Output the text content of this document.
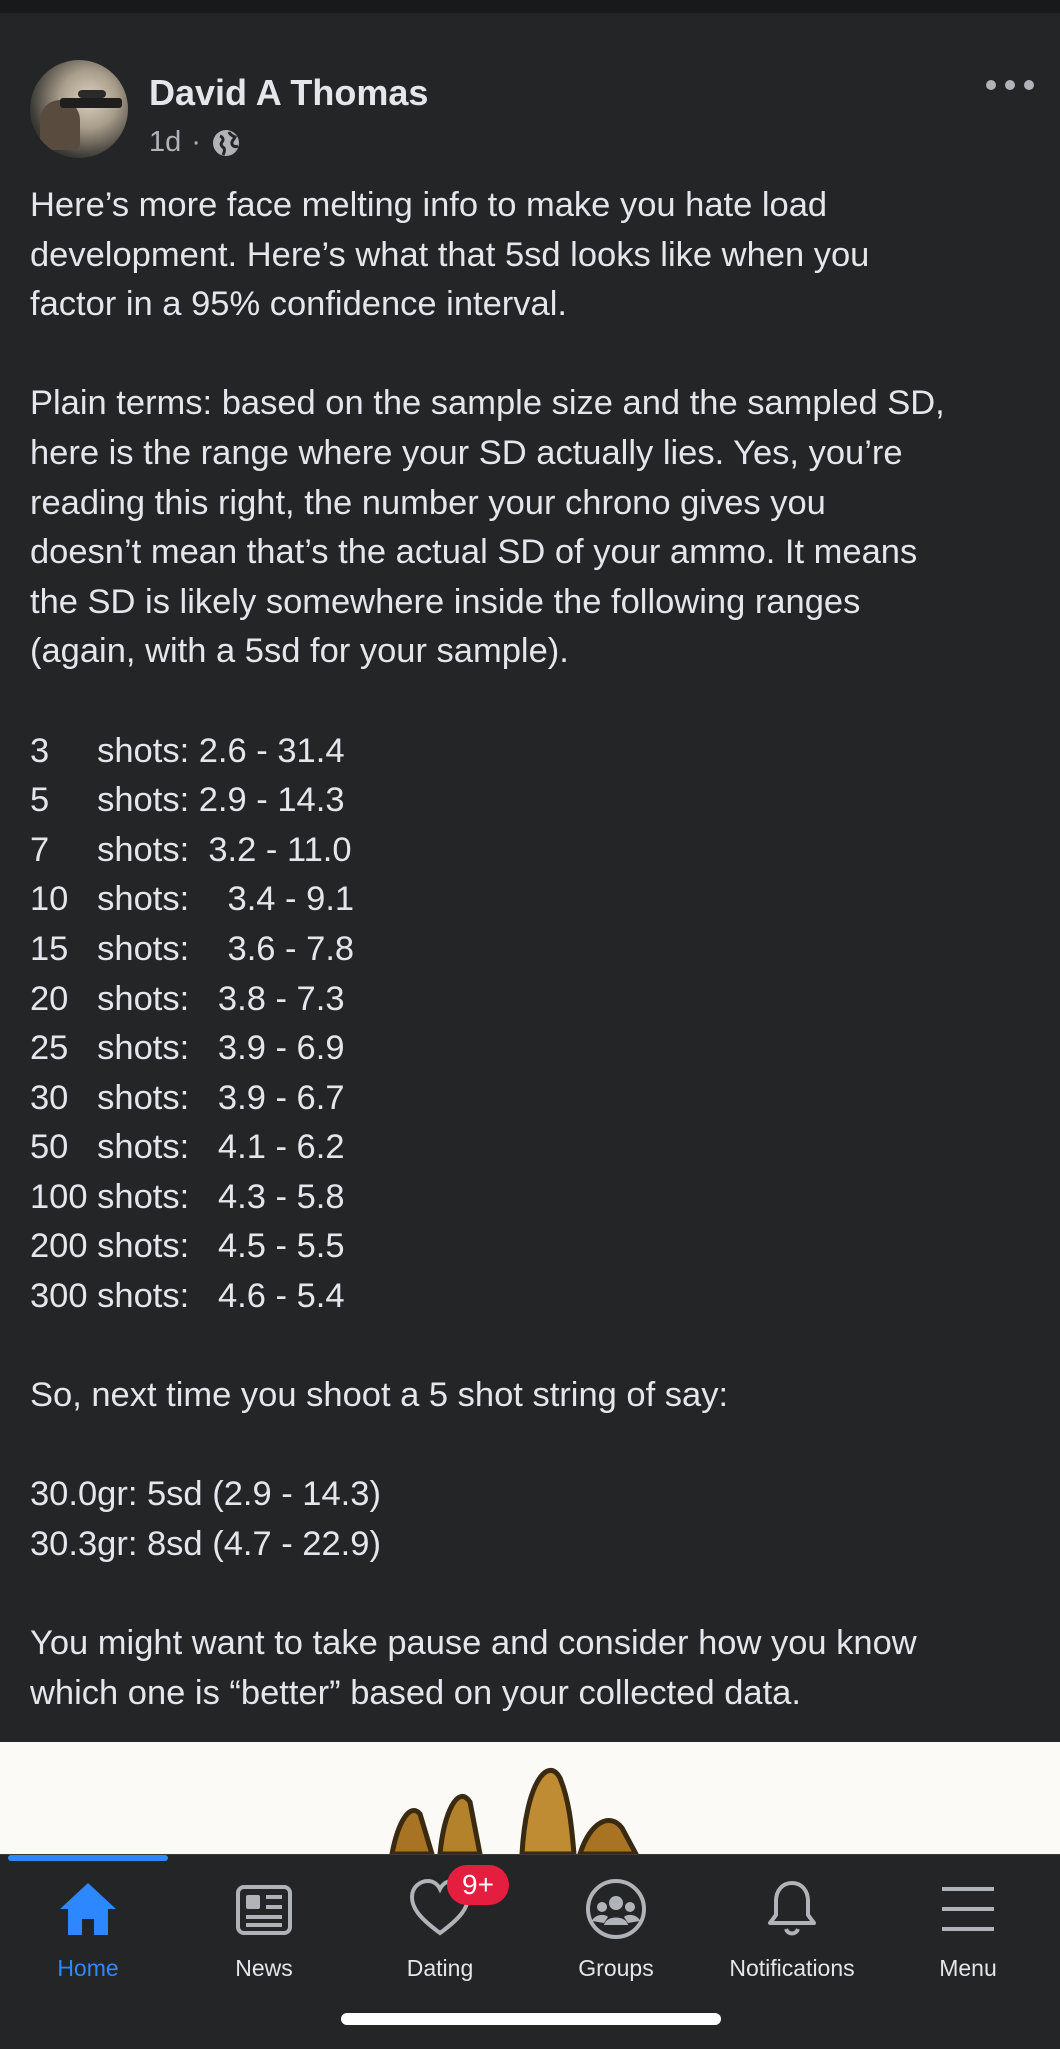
David A Thomas
1d ·
Here’s more face melting info to make you hate load
development. Here’s what that 5sd looks like when you
factor in a 95% confidence interval.
Plain terms: based on the sample size and the sampled SD,
here is the range where your SD actually lies. Yes, you’re
reading this right, the number your chrono gives you
doesn’t mean that’s the actual SD of your ammo. It means
the SD is likely somewhere inside the following ranges
(again, with a 5sd for your sample).
3     shots: 2.6 - 31.4
5     shots: 2.9 - 14.3
7     shots:  3.2 - 11.0
10   shots:    3.4 - 9.1
15   shots:    3.6 - 7.8
20   shots:   3.8 - 7.3
25   shots:   3.9 - 6.9
30   shots:   3.9 - 6.7
50   shots:   4.1 - 6.2
100 shots:   4.3 - 5.8
200 shots:   4.5 - 5.5
300 shots:   4.6 - 5.4
So, next time you shoot a 5 shot string of say:
30.0gr: 5sd (2.9 - 14.3)
30.3gr: 8sd (4.7 - 22.9)
You might want to take pause and consider how you know
which one is “better” based on your collected data.
Home	News	Dating	Groups	Notifications	Menu
9+
